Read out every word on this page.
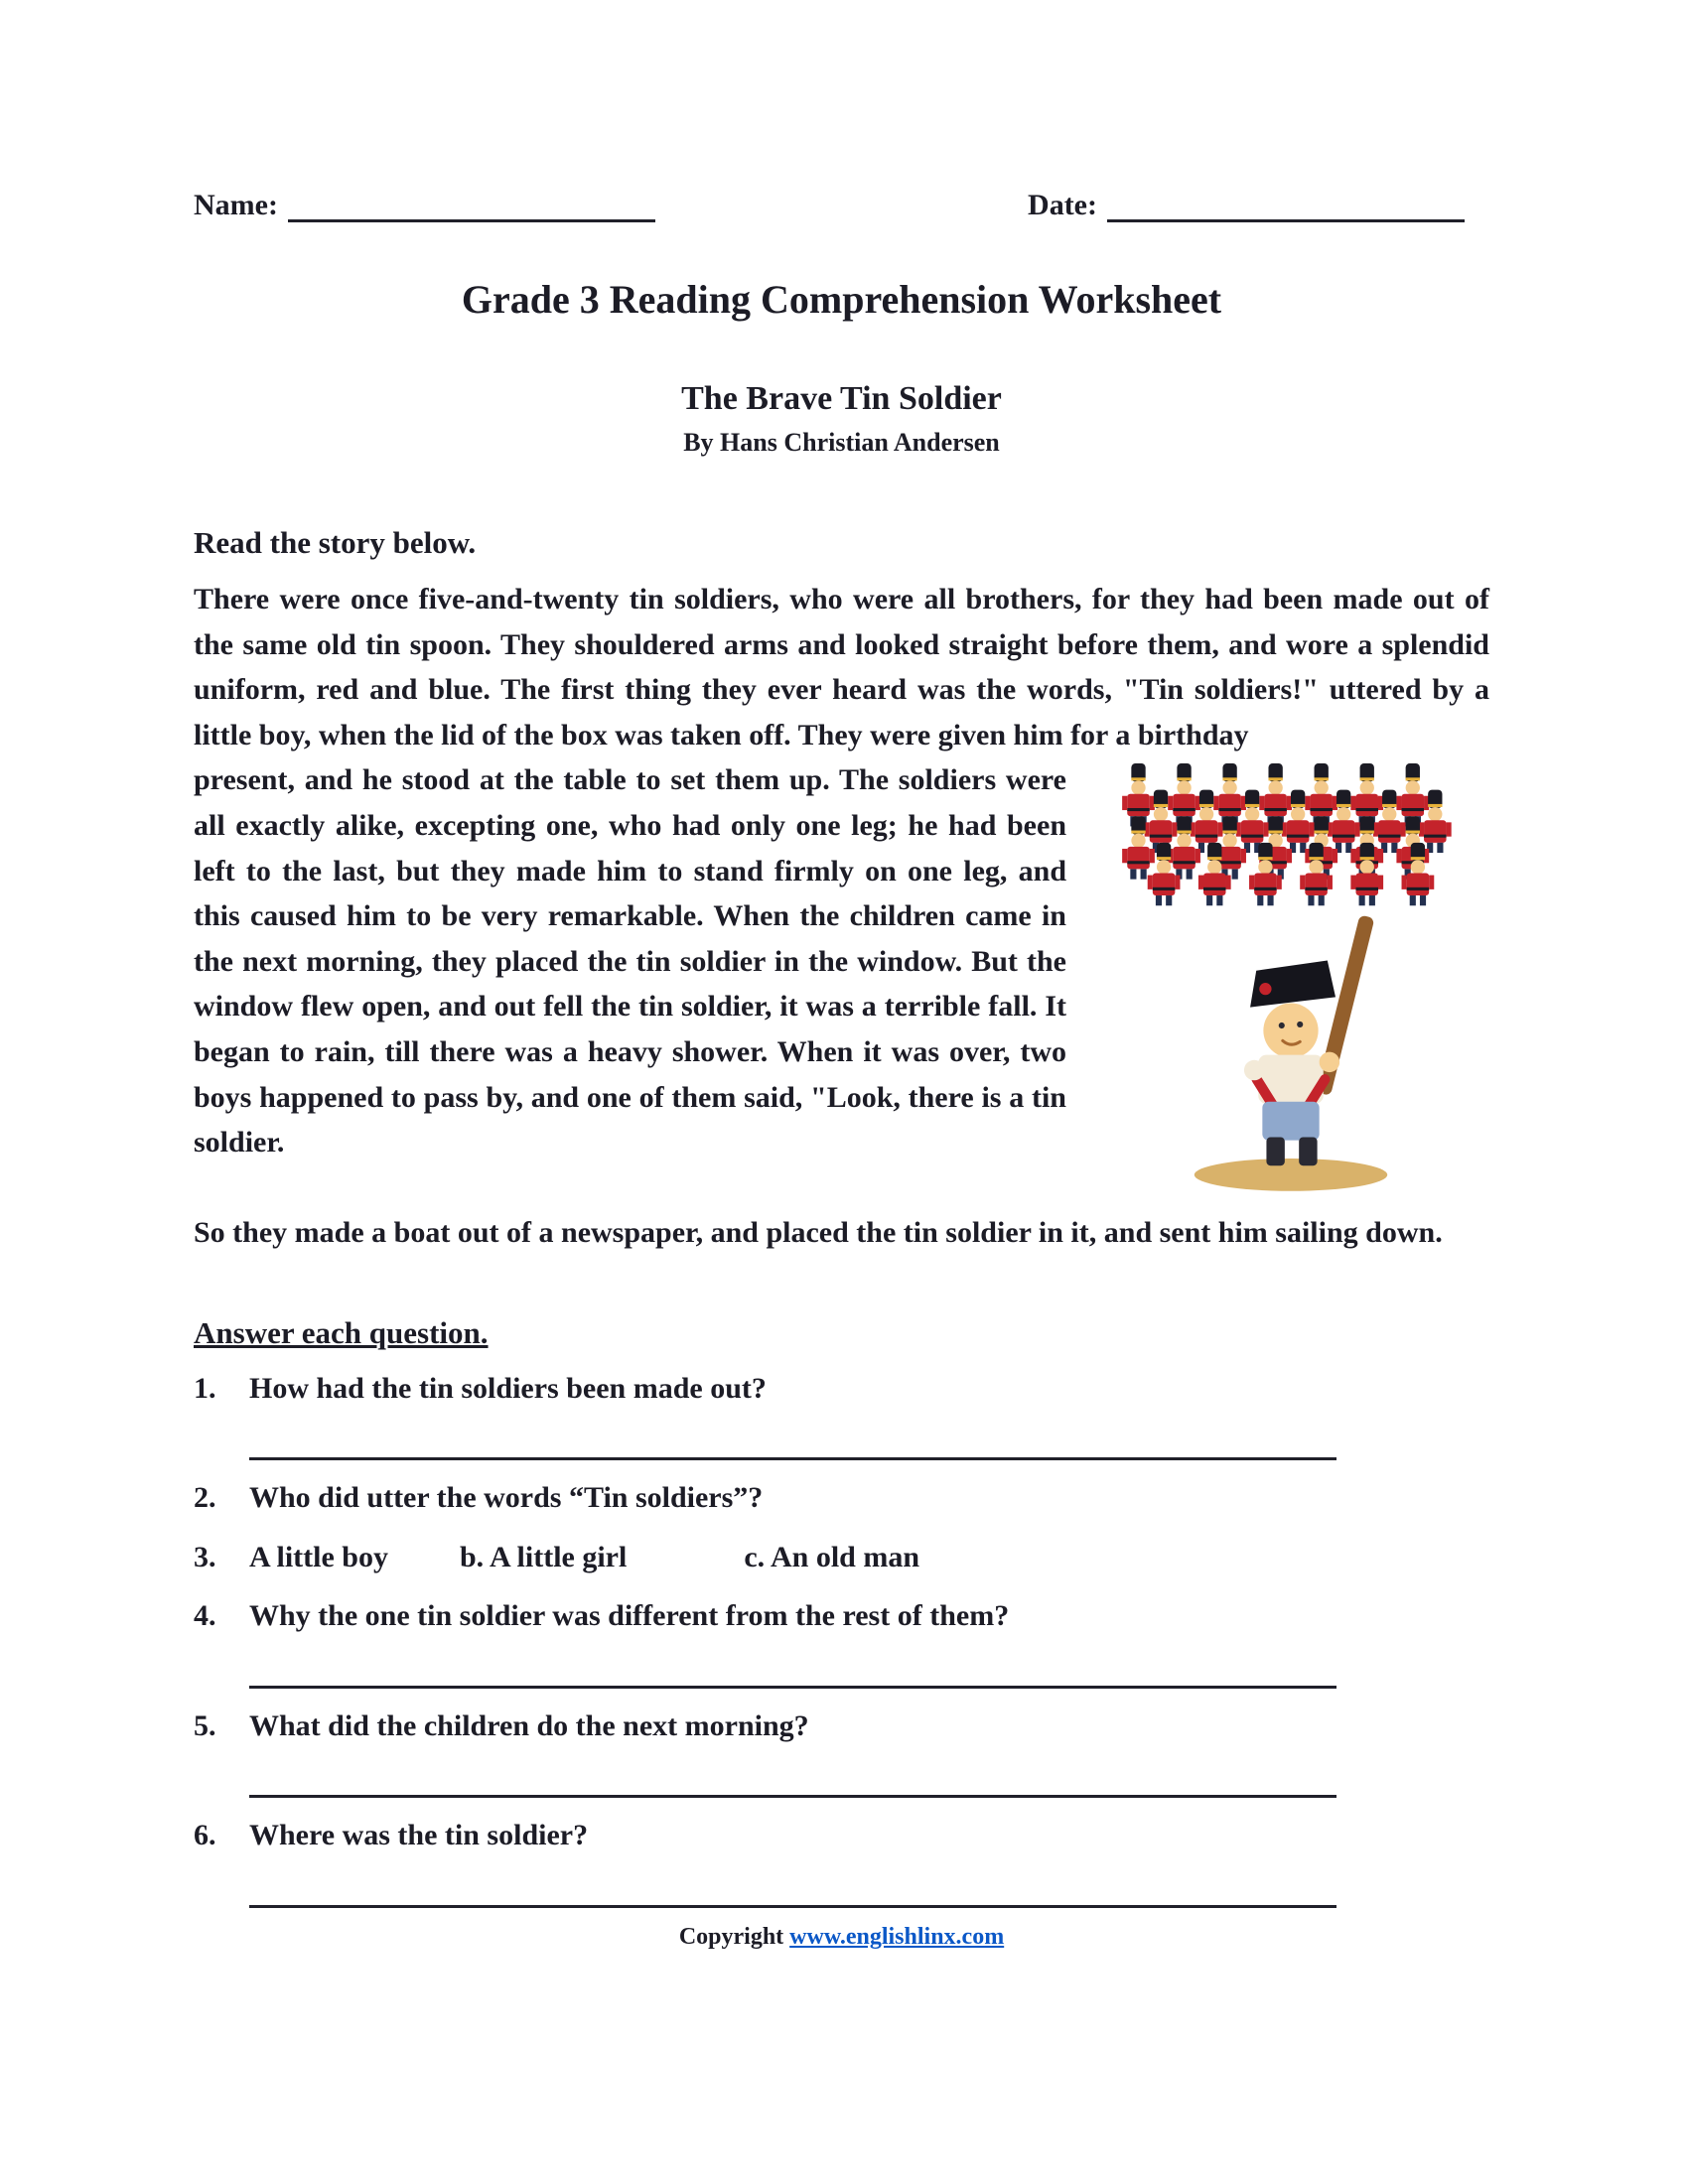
Name:	Date:
Grade 3 Reading Comprehension Worksheet
The Brave Tin Soldier
By Hans Christian Andersen
Read the story below.
There were once five-and-twenty tin soldiers, who were all brothers, for they had been made out of the same old tin spoon. They shouldered arms and looked straight before them, and wore a splendid uniform, red and blue. The first thing they ever heard was the words, "Tin soldiers!" uttered by a little boy, when the lid of the box was taken off. They were given him for a birthday
present, and he stood at the table to set them up. The soldiers were all exactly alike, excepting one, who had only one leg; he had been left to the last, but they made him to stand firmly on one leg, and this caused him to be very remarkable. When the children came in the next morning, they placed the tin soldier in the window. But the window flew open, and out fell the tin soldier, it was a terrible fall. It began to rain, till there was a heavy shower. When it was over, two boys happened to pass by, and one of them said, "Look, there is a tin soldier.
So they made a boat out of a newspaper, and placed the tin soldier in it, and sent him sailing down.
Answer each question.
1.	How had the tin soldiers been made out?
2.	Who did utter the words “Tin soldiers”?
3.	A little boy b. A little girl	c. An old man
4.	Why the one tin soldier was different from the rest of them?
5.	What did the children do the next morning?
6.	Where was the tin soldier?
Copyright www.englishlinx.com
